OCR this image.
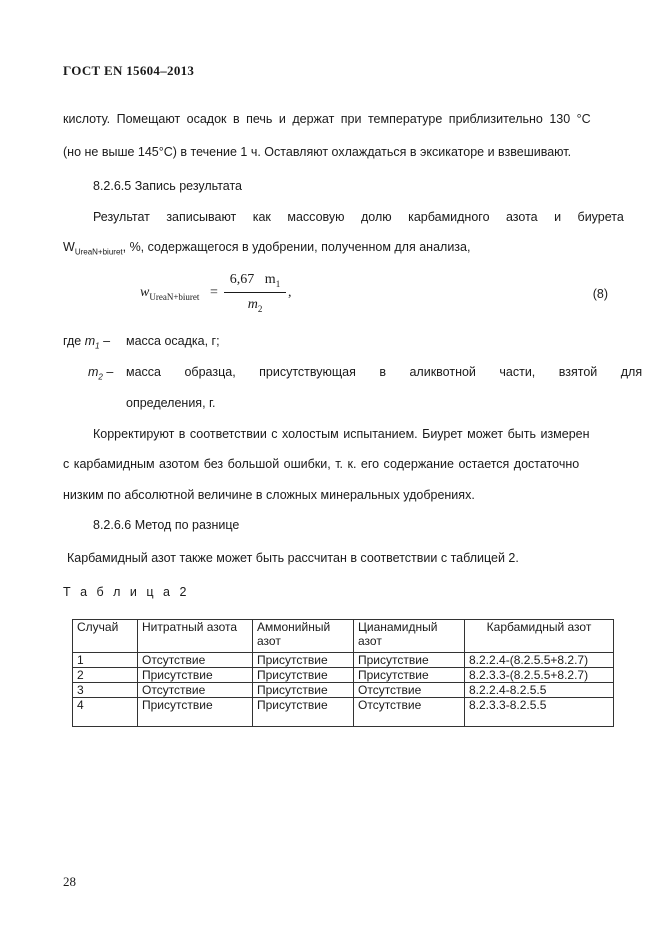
ГОСТ EN 15604–2013
кислоту. Помещают осадок в печь и держат при температуре приблизительно 130 °С
(но не выше 145°С) в течение 1 ч. Оставляют охлаждаться в эксикаторе и взвешивают.
8.2.6.5 Запись результата
Результат записывают как массовую долю карбамидного азота и биурета
$W_{UreaN+biuret}$, %, содержащегося в удобрении, полученном для анализа,
$w_{UreaN+biuret}$ =
6,67   $m_1$
$m_2$
,	(8)
где $m_1$ – масса осадка, г;
$m_2$ – масса образца, присутствующая в аликвотной части, взятой для
определения, г.
Корректируют в соответствии с холостым испытанием. Биурет может быть измерен
с карбамидным азотом без большой ошибки, т. к. его содержание остается достаточно
низким по абсолютной величине в сложных минеральных удобрениях.
8.2.6.6 Метод по разнице
Карбамидный азот также может быть рассчитан в соответствии с таблицей 2.
Т а б л и ц а 2
Случай	Нитратный азота	Аммонийный азот	Цианамидный азот	Карбамидный азот
1	Отсутствие	Присутствие	Присутствие	8.2.2.4-(8.2.5.5+8.2.7)
2	Присутствие	Присутствие	Присутствие	8.2.3.3-(8.2.5.5+8.2.7)
3	Отсутствие	Присутствие	Отсутствие	8.2.2.4-8.2.5.5
4	Присутствие	Присутствие	Отсутствие	8.2.3.3-8.2.5.5
28
